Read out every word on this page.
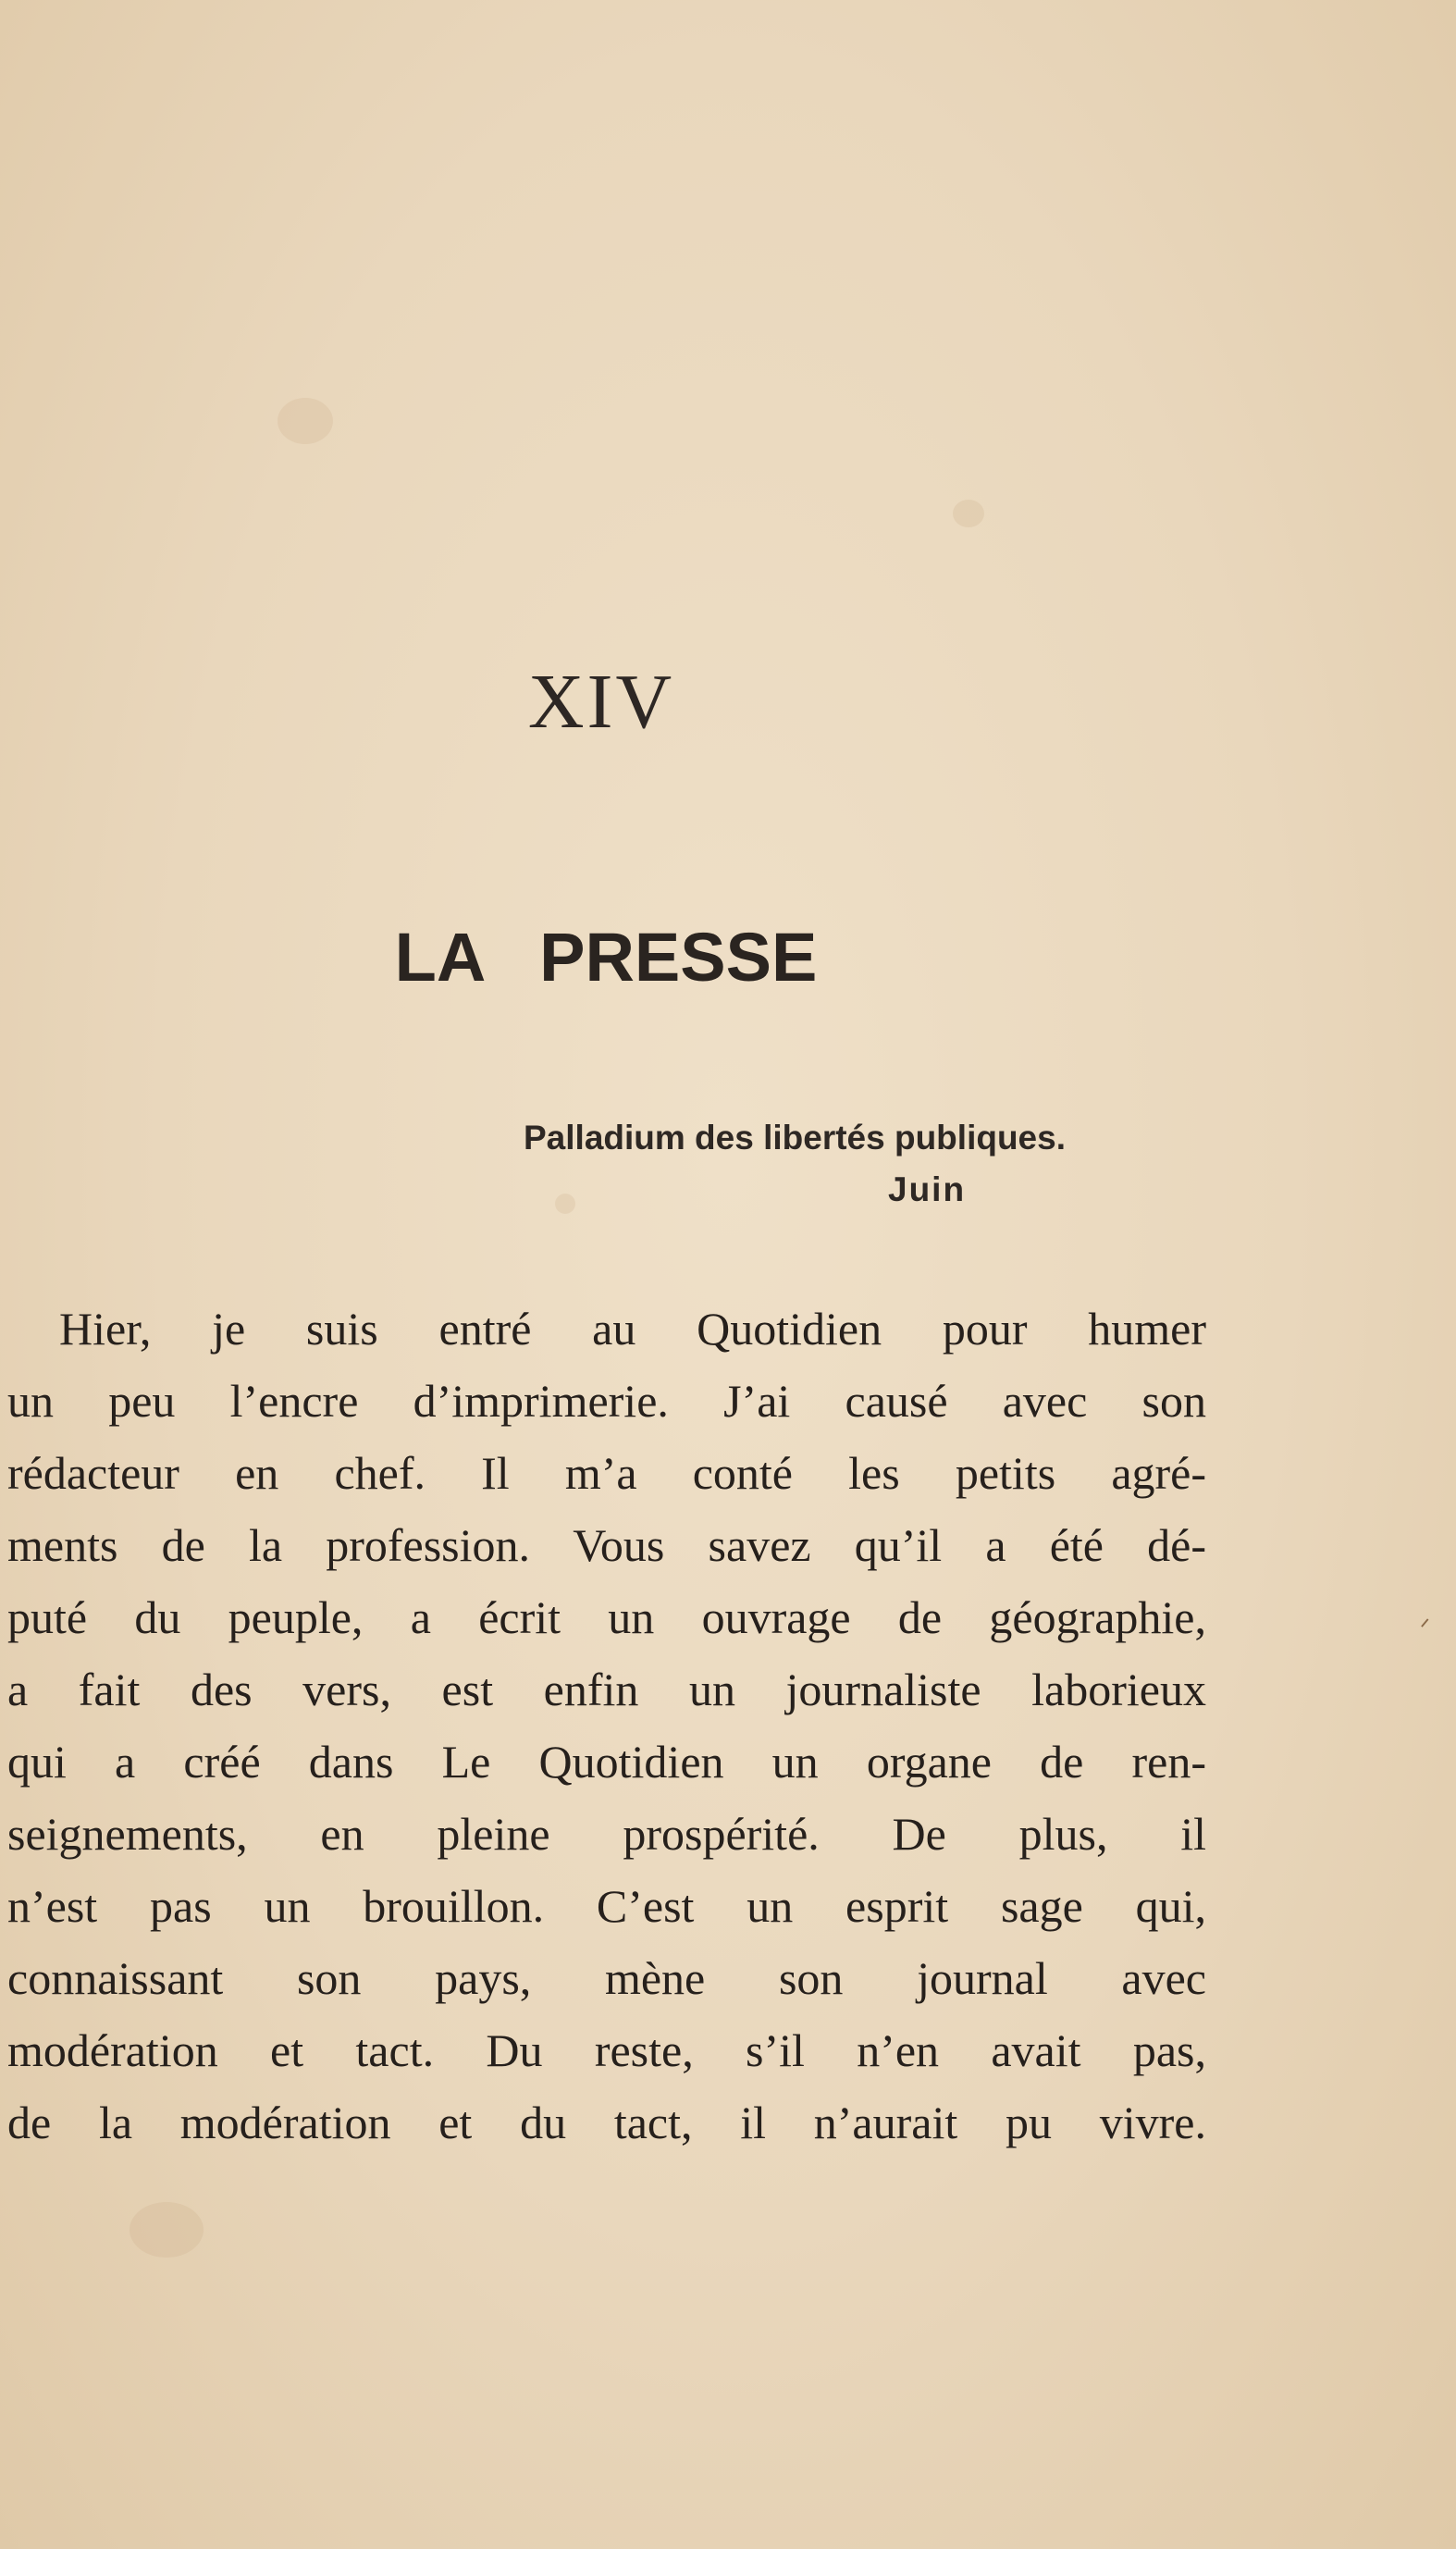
ᐟ
XIV
LA PRESSE
Palladium des libertés publiques.
Juin
Hier, je suis entré au Quotidien pour humer
un peu l’encre d’imprimerie. J’ai causé avec son
rédacteur en chef. Il m’a conté les petits agré-
ments de la profession. Vous savez qu’il a été dé-
puté du peuple, a écrit un ouvrage de géographie,
a fait des vers, est enfin un journaliste laborieux
qui a créé dans Le Quotidien un organe de ren-
seignements, en pleine prospérité. De plus, il
n’est pas un brouillon. C’est un esprit sage qui,
connaissant son pays, mène son journal avec
modération et tact. Du reste, s’il n’en avait pas,
de la modération et du tact, il n’aurait pu vivre.
